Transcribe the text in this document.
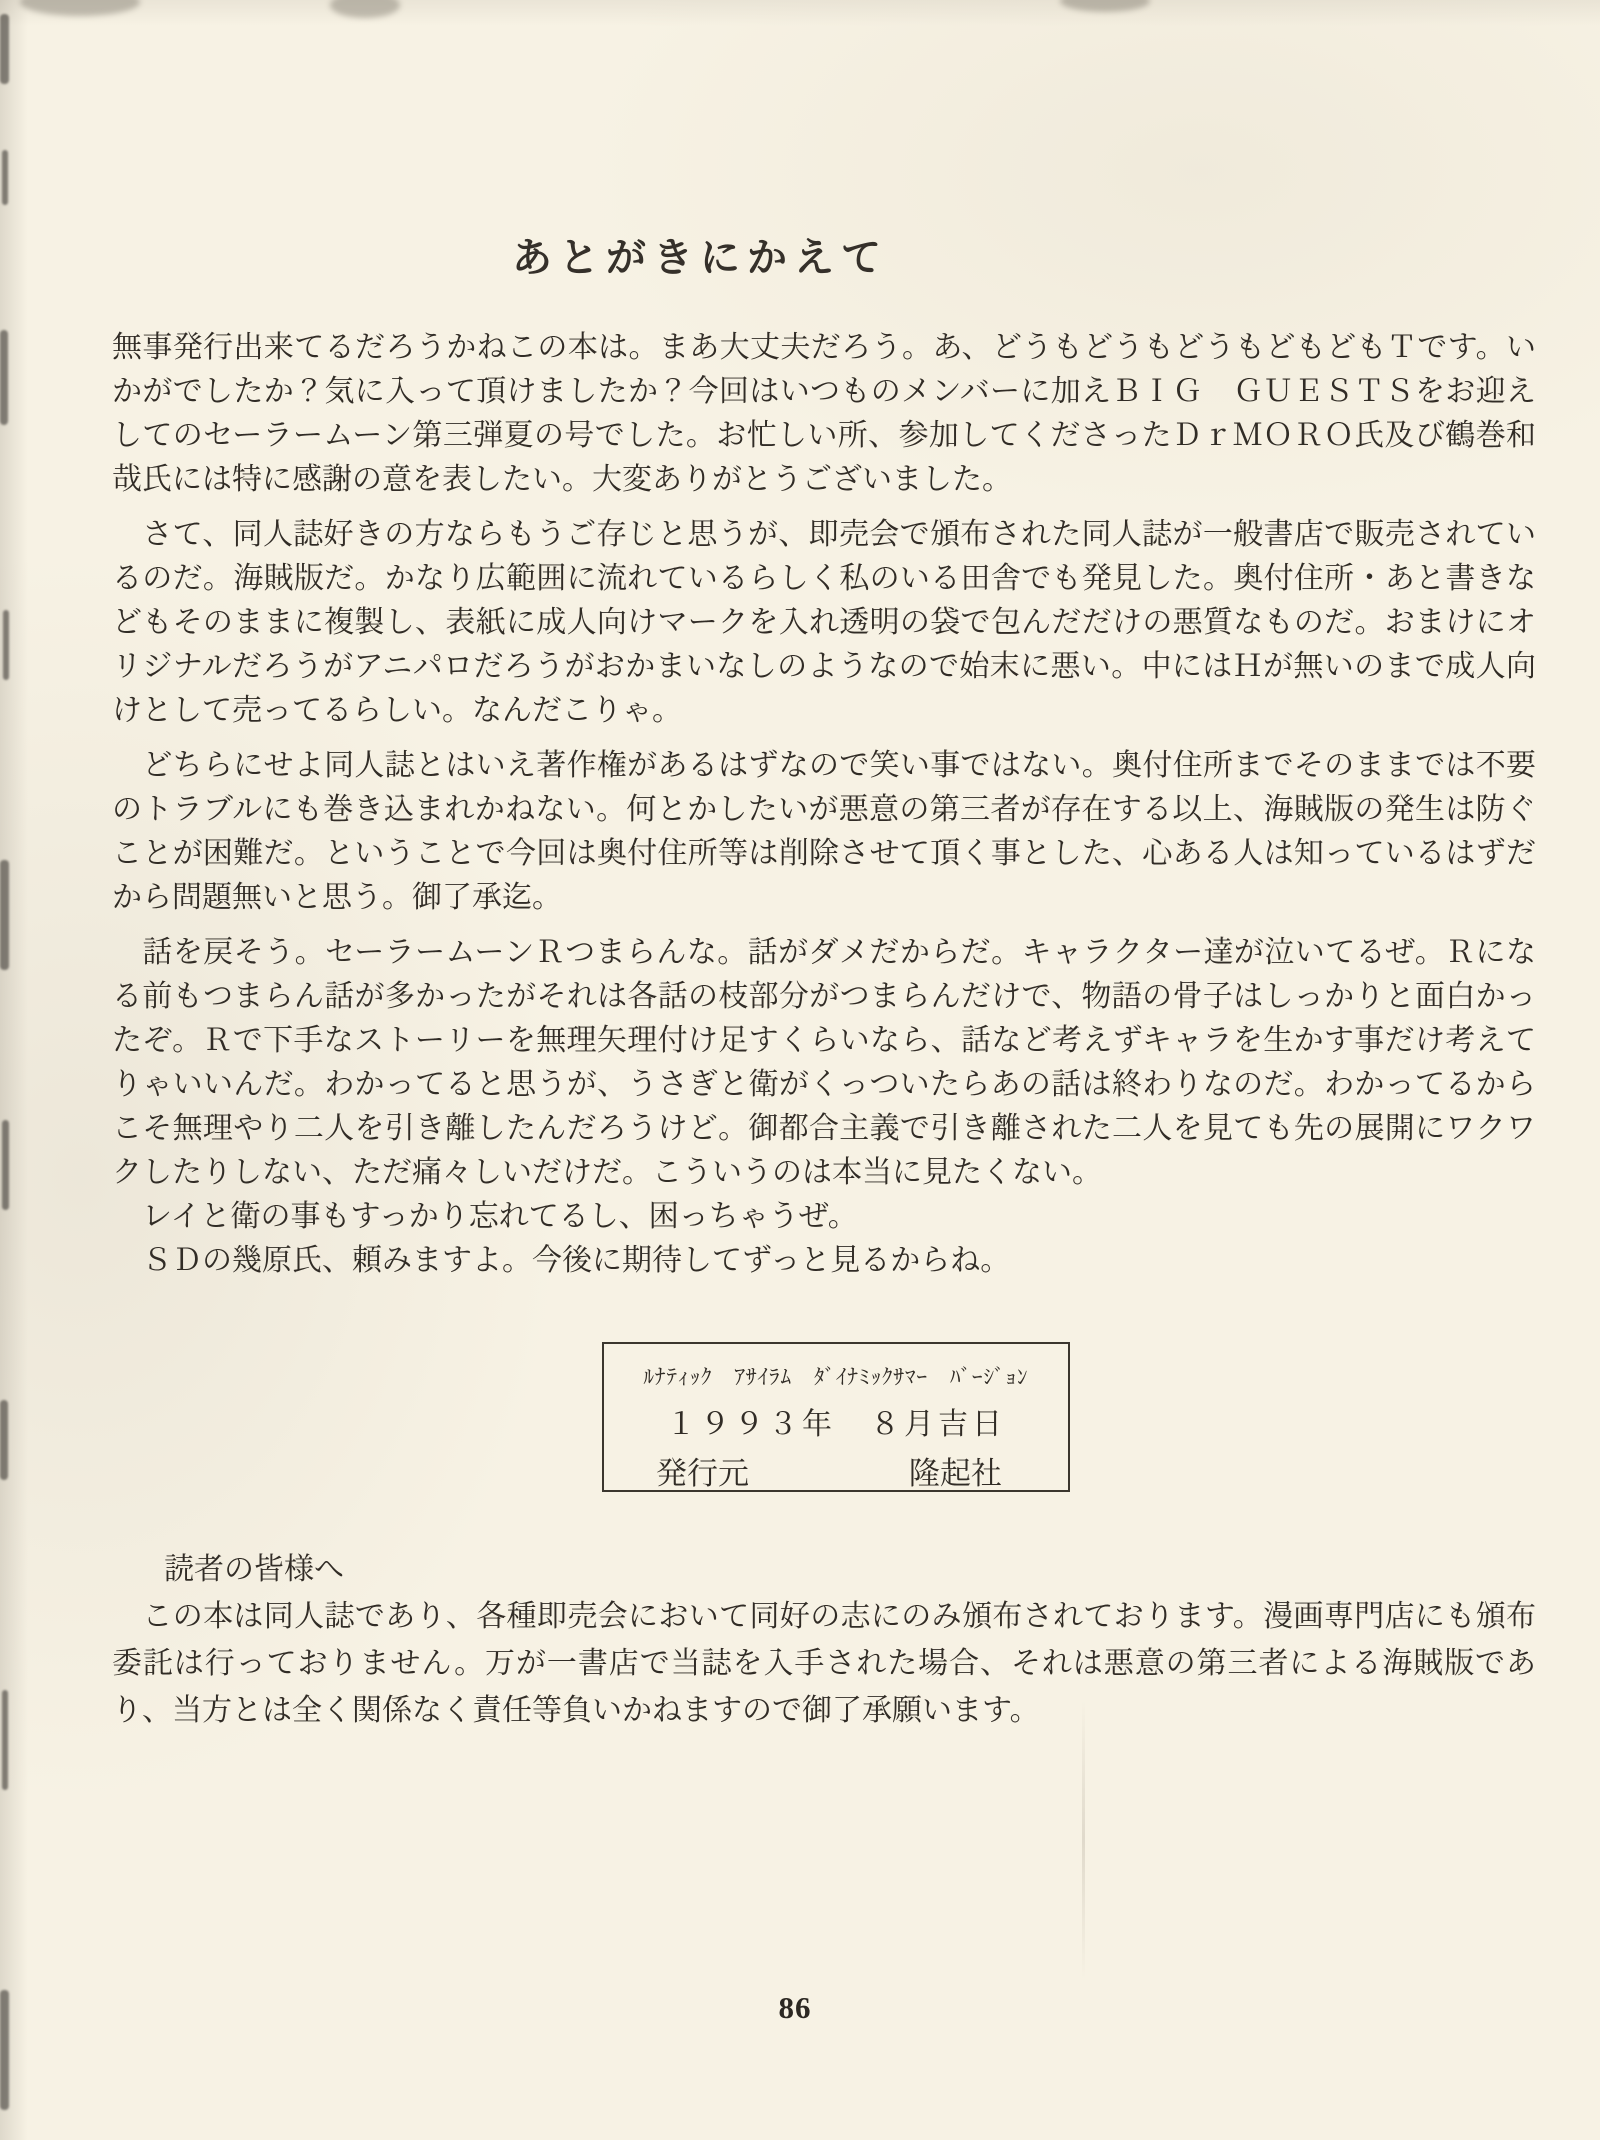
あとがきにかえて

無事発行出来てるだろうかねこの本は。まあ大丈夫だろう。あ、どうもどうもどうもどもどもＴです。いかがでしたか？気に入って頂けましたか？今回はいつものメンバーに加えＢＩＧ　ＧＵＥＳＴＳをお迎えしてのセーラームーン第三弾夏の号でした。お忙しい所、参加してくださったＤｒＭＯＲＯ氏及び鶴巻和哉氏には特に感謝の意を表したい。大変ありがとうございました。

　さて、同人誌好きの方ならもうご存じと思うが、即売会で頒布された同人誌が一般書店で販売されているのだ。海賊版だ。かなり広範囲に流れているらしく私のいる田舎でも発見した。奥付住所・あと書きなどもそのままに複製し、表紙に成人向けマークを入れ透明の袋で包んだだけの悪質なものだ。おまけにオリジナルだろうがアニパロだろうがおかまいなしのようなので始末に悪い。中にはＨが無いのまで成人向けとして売ってるらしい。なんだこりゃ。

　どちらにせよ同人誌とはいえ著作権があるはずなので笑い事ではない。奥付住所までそのままでは不要のトラブルにも巻き込まれかねない。何とかしたいが悪意の第三者が存在する以上、海賊版の発生は防ぐことが困難だ。ということで今回は奥付住所等は削除させて頂く事とした、心ある人は知っているはずだから問題無いと思う。御了承迄。

　話を戻そう。セーラームーンＲつまらんな。話がダメだからだ。キャラクター達が泣いてるぜ。Ｒになる前もつまらん話が多かったがそれは各話の枝部分がつまらんだけで、物語の骨子はしっかりと面白かったぞ。Ｒで下手なストーリーを無理矢理付け足すくらいなら、話など考えずキャラを生かす事だけ考えてりゃいいんだ。わかってると思うが、うさぎと衛がくっついたらあの話は終わりなのだ。わかってるからこそ無理やり二人を引き離したんだろうけど。御都合主義で引き離された二人を見ても先の展開にワクワクしたりしない、ただ痛々しいだけだ。こういうのは本当に見たくない。

　レイと衛の事もすっかり忘れてるし、困っちゃうぜ。

　ＳＤの幾原氏、頼みますよ。今後に期待してずっと見るからね。

ﾙﾅﾃｨｯｸ　ｱｻｲﾗﾑ　ﾀﾞｲﾅﾐｯｸｻﾏｰ　ﾊﾞｰｼﾞｮﾝ
１９９３年　８月吉日
発行元	隆起社

読者の皆様へ

　この本は同人誌であり、各種即売会において同好の志にのみ頒布されております。漫画専門店にも頒布委託は行っておりません。万が一書店で当誌を入手された場合、それは悪意の第三者による海賊版であり、当方とは全く関係なく責任等負いかねますので御了承願います。

86
